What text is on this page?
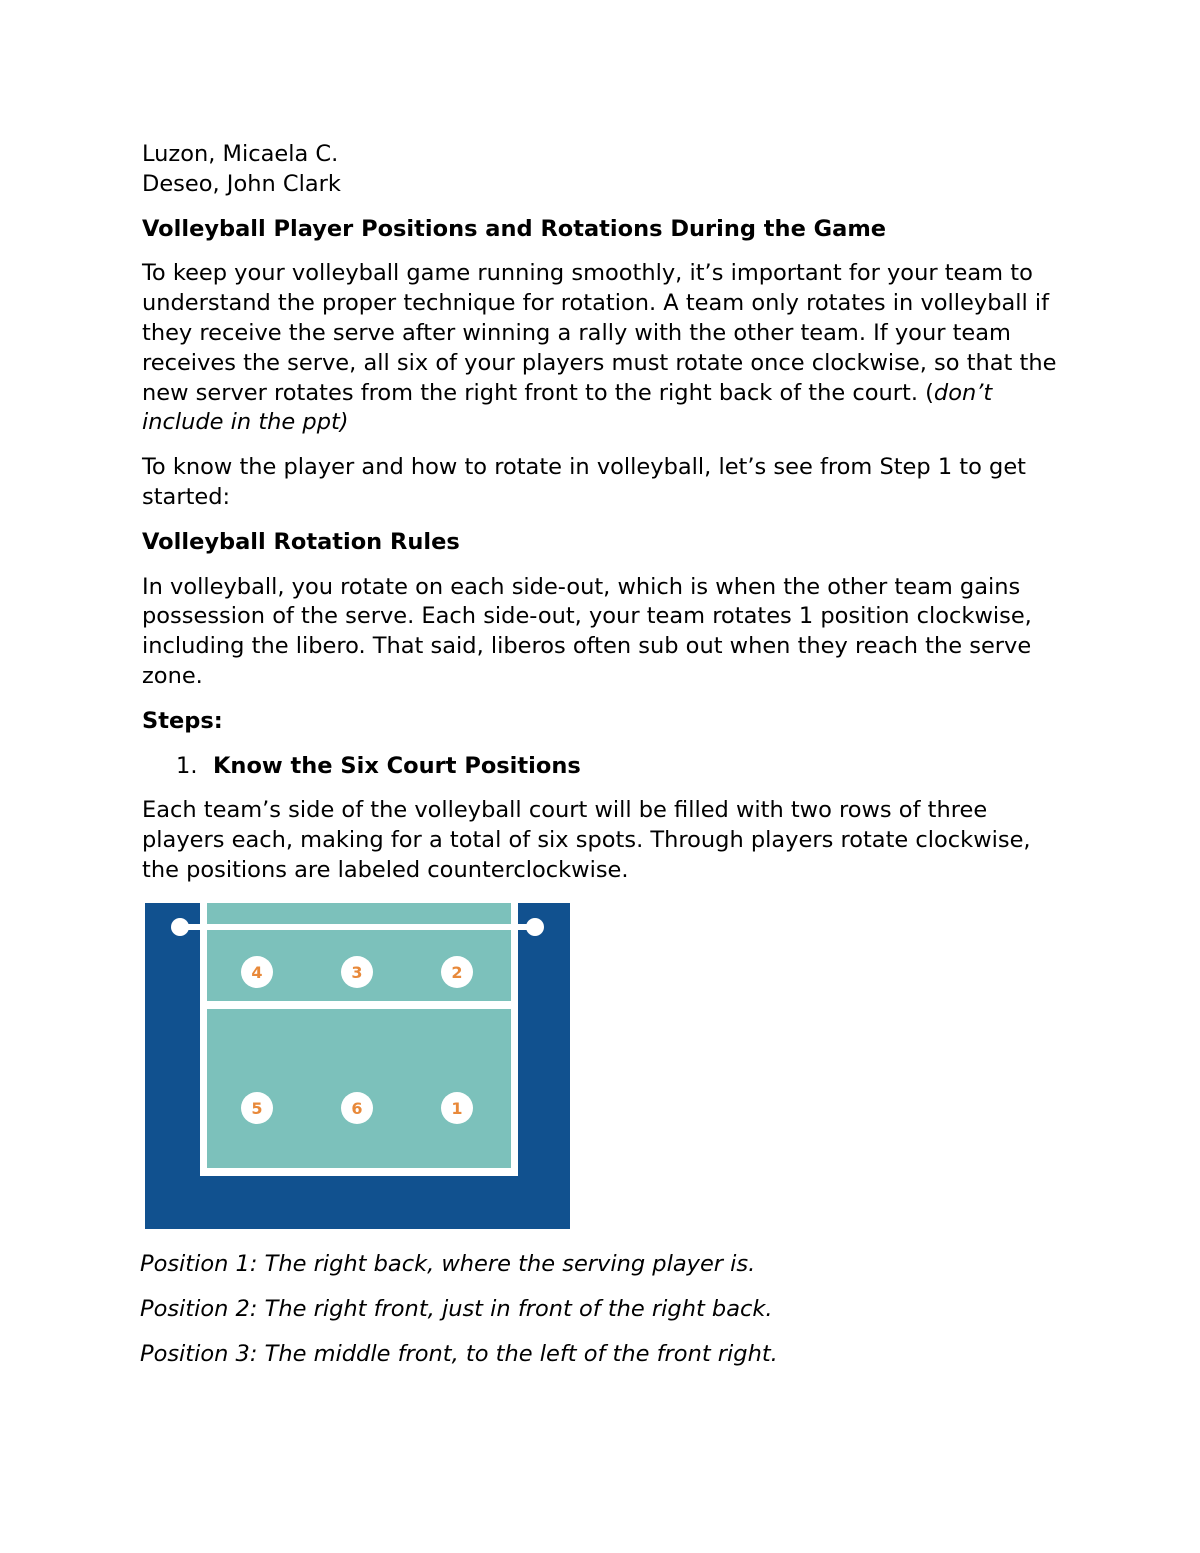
Luzon, Micaela C.
Deseo, John Clark
Volleyball Player Positions and Rotations During the Game

To keep your volleyball game running smoothly, it’s important for your team to understand the proper technique for rotation. A team only rotates in volleyball if they receive the serve after winning a rally with the other team. If your team receives the serve, all six of your players must rotate once clockwise, so that the new server rotates from the right front to the right back of the court. (don’t include in the ppt)

To know the player and how to rotate in volleyball, let’s see from Step 1 to get started:

Volleyball Rotation Rules

In volleyball, you rotate on each side-out, which is when the other team gains possession of the serve. Each side-out, your team rotates 1 position clockwise, including the libero. That said, liberos often sub out when they reach the serve zone.

Steps:
1. Know the Six Court Positions

Each team’s side of the volleyball court will be filled with two rows of three players each, making for a total of six spots. Through players rotate clockwise, the positions are labeled counterclockwise.

4	3	2
5	6	1

Position 1: The right back, where the serving player is.

Position 2: The right front, just in front of the right back.

Position 3: The middle front, to the left of the front right.
